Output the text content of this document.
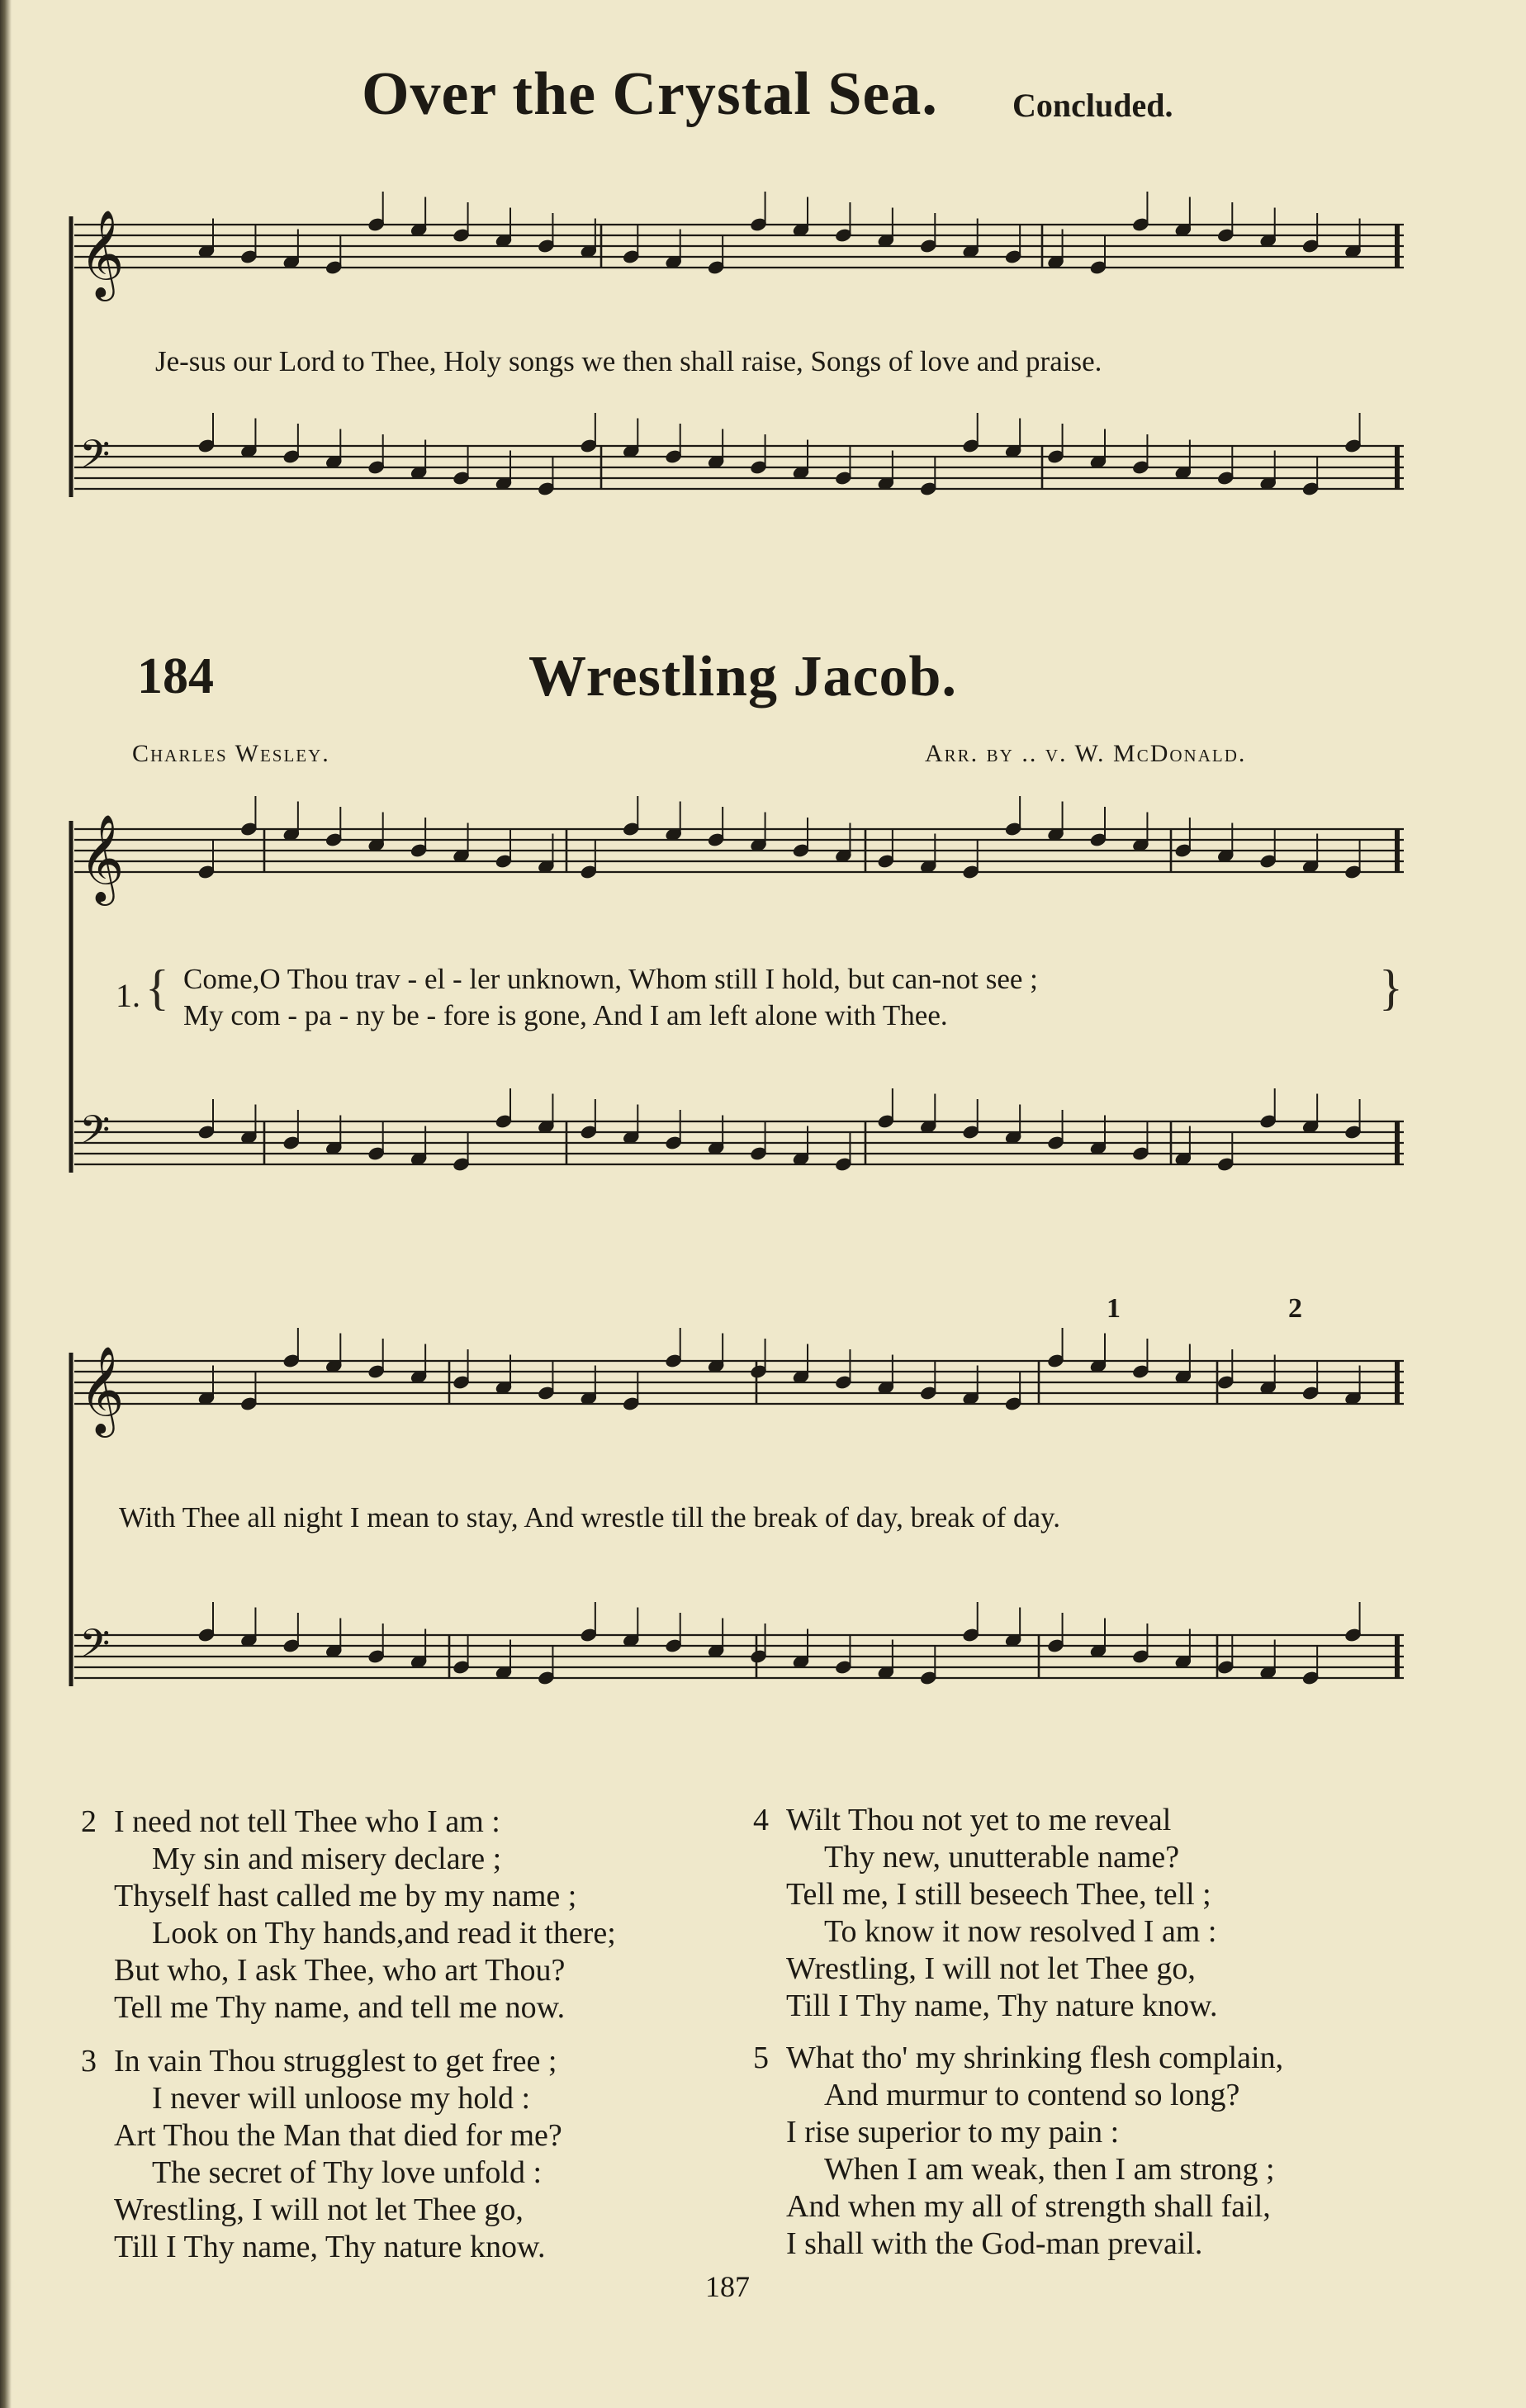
𝄞
𝄢
𝄞
𝄢
𝄞
𝄢
Over the Crystal Sea. Concluded.
Je-sus our Lord to Thee, Holy songs we then shall raise, Songs of love and praise.
184	Wrestling Jacob.
Charles Wesley.	Arr. by .. v. W. McDonald.
1. { Come,O Thou trav - el - ler unknown, Whom still I hold, but can-not see ;
My com - pa - ny be - fore is gone, And I am left alone with Thee.
}
With Thee all night I mean to stay, And wrestle till the break of day, break of day.
1	2
2 I need not tell Thee who I am :
My sin and misery declare ;
Thyself hast called me by my name ;
Look on Thy hands,and read it there;
But who, I ask Thee, who art Thou?
Tell me Thy name, and tell me now.
3 In vain Thou strugglest to get free ;
I never will unloose my hold :
Art Thou the Man that died for me?
The secret of Thy love unfold :
Wrestling, I will not let Thee go,
Till I Thy name, Thy nature know.
4 Wilt Thou not yet to me reveal
Thy new, unutterable name?
Tell me, I still beseech Thee, tell ;
To know it now resolved I am :
Wrestling, I will not let Thee go,
Till I Thy name, Thy nature know.
5 What tho' my shrinking flesh complain,
And murmur to contend so long?
I rise superior to my pain :
When I am weak, then I am strong ;
And when my all of strength shall fail,
I shall with the God-man prevail.
187
